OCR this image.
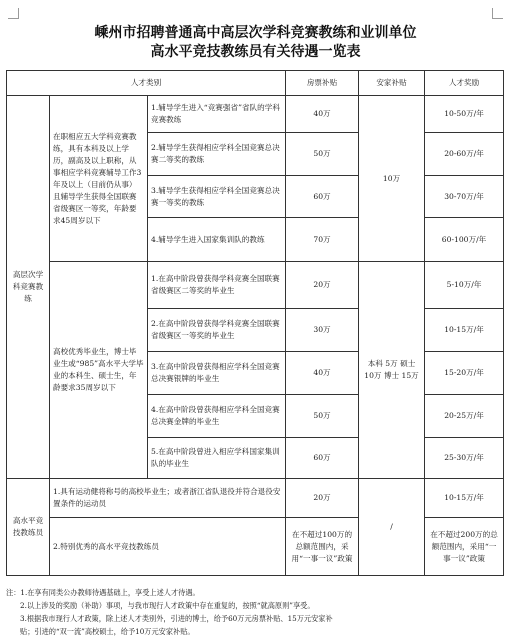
嵊州市招聘普通高中高层次学科竞赛教练和业训单位
高水平竞技教练员有关待遇一览表
人才类别			房票补贴	安家补贴	人才奖励
高层次学科竞赛教练	在职相应五大学科竞赛教练，具有本科及以上学历，副高及以上职称，从事相应学科竞赛辅导工作3年及以上（目前仍从事）且辅导学生获得全国联赛省级赛区一等奖，年龄要求45周岁以下	1.辅导学生进入“竞赛强省”省队的学科竞赛教练	40万	10万	10-50万/年
		2.辅导学生获得相应学科全国竞赛总决赛二等奖的教练	50万		20-60万/年
		3.辅导学生获得相应学科全国竞赛总决赛一等奖的教练	60万		30-70万/年
		4.辅导学生进入国家集训队的教练	70万		60-100万/年
	高校优秀毕业生，博士毕业生或“985”高水平大学毕业的本科生、硕士生，年龄要求35周岁以下	1.在高中阶段曾获得学科竞赛全国联赛省级赛区二等奖的毕业生	20万	本科 5万 硕士 10万 博士 15万	5-10万/年
		2.在高中阶段曾获得学科竞赛全国联赛省级赛区一等奖的毕业生	30万		10-15万/年
		3.在高中阶段曾获得相应学科全国竞赛总决赛银牌的毕业生	40万		15-20万/年
		4.在高中阶段曾获得相应学科全国竞赛总决赛金牌的毕业生	50万		20-25万/年
		5.在高中阶段曾进入相应学科国家集训队的毕业生	60万		25-30万/年
高水平竞技教练员	1.具有运动健将称号的高校毕业生；或者浙江省队退役并符合退役安置条件的运动员		20万	/	10-15万/年
	2.特别优秀的高水平竞技教练员		在不超过100万的总额范围内，采用“一事一议”政策		在不超过200万的总额范围内，采用“一事一议”政策
注：1.在享有同类公办教师待遇基础上，享受上述人才待遇。
2.以上涉及的奖励（补助）事项，与我市现行人才政策中存在重复的，按照“就高原则”享受。
3.根据我市现行人才政策，除上述人才类别外，引进的博士，给予60万元房票补贴、15万元安家补
贴；引进的“双一流”高校硕士，给予10万元安家补贴。
